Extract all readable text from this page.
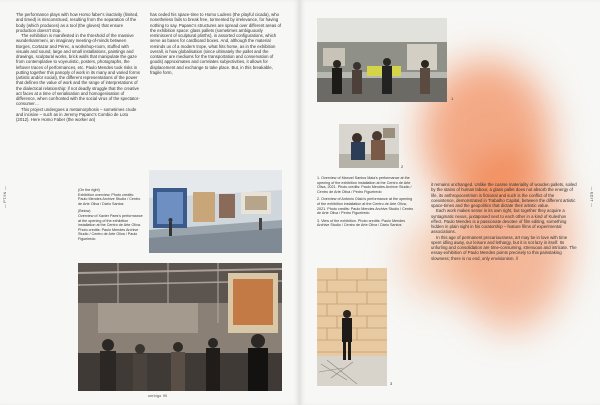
— PT/IN —

The performance plays with how Homo faber's inactivity (limited, and timed) is misconstrued, resulting from the separation of the body (which produces) as a tool (the gloves) that ensure production doesn't stop.

The exhibition is manifested in the threshold of the massive wunderkammeni, an imaginary meeting-of-minds between Borges, Cortazar and Pérec, a workshop-room, stuffed with visuals and sound, large and small installations, paintings and drawings, sculptural works, brick walls that manipulate the gaze from contemplative to voyeuristic, posters, photographs, the leftover traces of performances, etc. Paulo Mendes took risks in putting together this panoply of work in its many and varied forms (artistic and/or social), the different representations of the power that defines the value of work and the range of interpretations of the dialectical relationship: if not deadly struggle that the creative act faces at a time of serialisation and homogenisation of difference, when confronted with the social virus of the spectator-consumer…

This project undergoes a metamorphosis – sometimes crude and incisive – such as in Jeremy Papanc's Combio de Loto (2012). Here Homo Faber (the worker an)

has ceded his space-time to Homo Ludens (the playful cicada), who nonetheless fails to break free, tormented by irrelevance, for having nothing to say. Papanc's structures are spread over different areas of the exhibition space: glass pallets (sometimes ambiguously reminiscent of sculptural plinths), in assorted configurations, which serve as bases for cardboard boxes. And, although the material reminds us of a modern trope, what hits home, as in the exhibition overall, is how globalisation (since ultimately the pallet and the container are mediums for the transportation and conservation of goods) approximates and correlates subjectivities, it allows for displacement and exchange to take place. But, in this breakable, fragile form,

(On the right)
Exhibition overview. Photo credits: Paulo Mendes Archive Studio / Centro de Arte Oliva / Dário Santos

(Below)
Overview of Xavier Paes's performance at the opening of the exhibition installation at the Centro de Arte Oliva. Photo credits: Paulo Mendes Archive Studio / Centro de Arte Oliva / Paulo Figueiredo

umbigo 90
— EDIT —
1
2

1. Overview of Manuel Santos Maia's performance at the opening of the exhibition installation at the Centro de Arte Oliva, 2021. Photo credits: Paulo Mendes Archive Studio / Centro de Arte Oliva / Pedro Figueiredo

2. Overview of António Olaio's performance at the opening of the exhibition installation at the Centro de Arte Oliva, 2021. Photo credits: Paulo Mendes Archive Studio / Centro de Arte Oliva / Pedro Figueiredo

3. View of the exhibition. Photo credits: Paulo Mendes Archive Studio / Centro de Arte Oliva / Dário Santos

3

it remains unchanged. Unlike the coarse materiality of wooden pallets, soiled by the stains of human labour, a glass pallet does not absorb the energy of life, its anthropocentrism is fictional and such is the conflict of the coexistence, demonstrated in Trabalho Capital, between the different artistic space-times and the geopolitics that dictate their artistic value.

Each work makes sense in its own right, but together they acquire a syntagmatic nexus, juxtaposed next to each other in a kind of Kuleshov effect. Paulo Mendes is a passionate devotee of film editing, something hidden in plain sight in his curatorship – feature films of experimental associations.

In this age of permanent precariousness, art may be in love with time spent idling away, our leisure and lethargy, but it is not lazy in itself. Its unfurling and consolidation are time-consuming, strenuous and intricate. The essay-exhibition of Paulo Mendes points precisely to this painstaking slowness; there is no end, only envisionism. //
